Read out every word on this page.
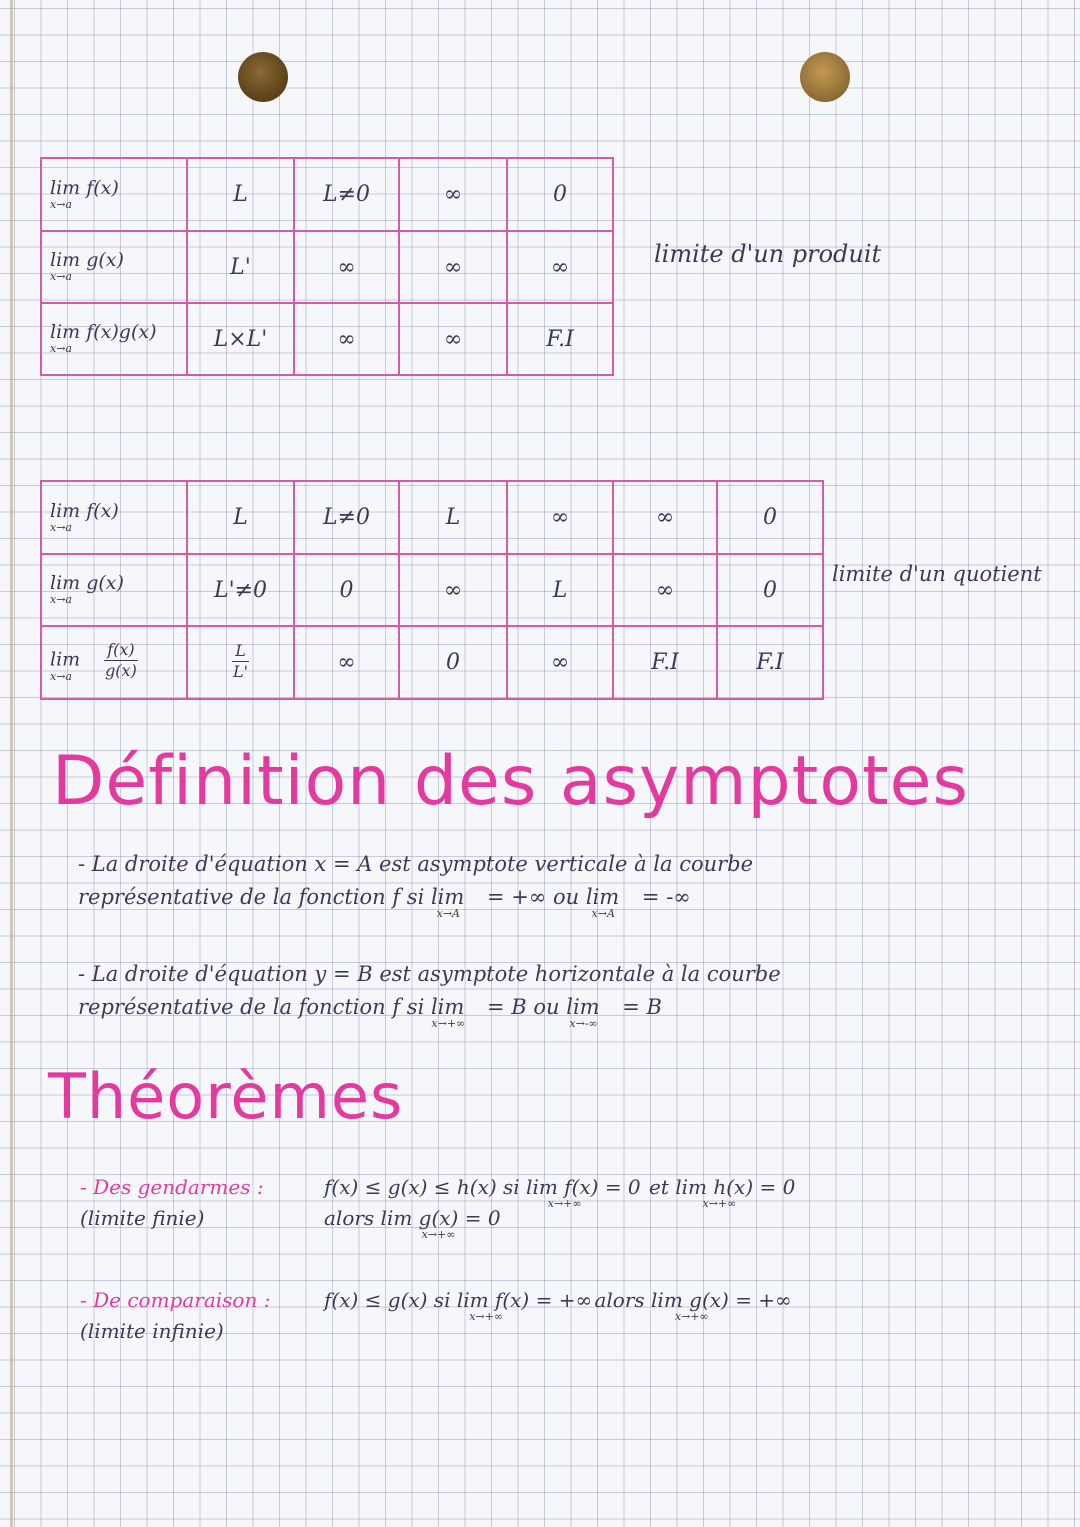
lim f(x)
x→a	L	L≠0	∞	0
lim g(x)
x→a	L'	∞	∞	∞
lim f(x)g(x)
x→a	L×L'	∞	∞	F.I
limite d'un produit
lim f(x)
x→a	L	L≠0	L	∞	∞	0
lim g(x)
x→a	L'≠0	0	∞	L	∞	0
$\lim \frac{f(x)}{g(x)}$
x→a	$\frac{L}{L'}$	∞	0	∞	F.I	F.I
limite d'un quotient
Définition des asymptotes
- La droite d'équation x = A est asymptote verticale à la courbe
représentative de la fonction f si limx→A = +∞ ou limx→A = -∞
- La droite d'équation y = B est asymptote horizontale à la courbe
représentative de la fonction f si limx→+∞ = B ou limx→-∞ = B
Théorèmes
- Des gendarmes :
(limite finie)
f(x) ≤ g(x) ≤ h(x) si lim f(x) = 0x→+∞ et lim h(x) = 0x→+∞
alors lim g(x) = 0x→+∞
- De comparaison :
(limite infinie)
f(x) ≤ g(x) si lim f(x) = +∞x→+∞ alors lim g(x) = +∞x→+∞
